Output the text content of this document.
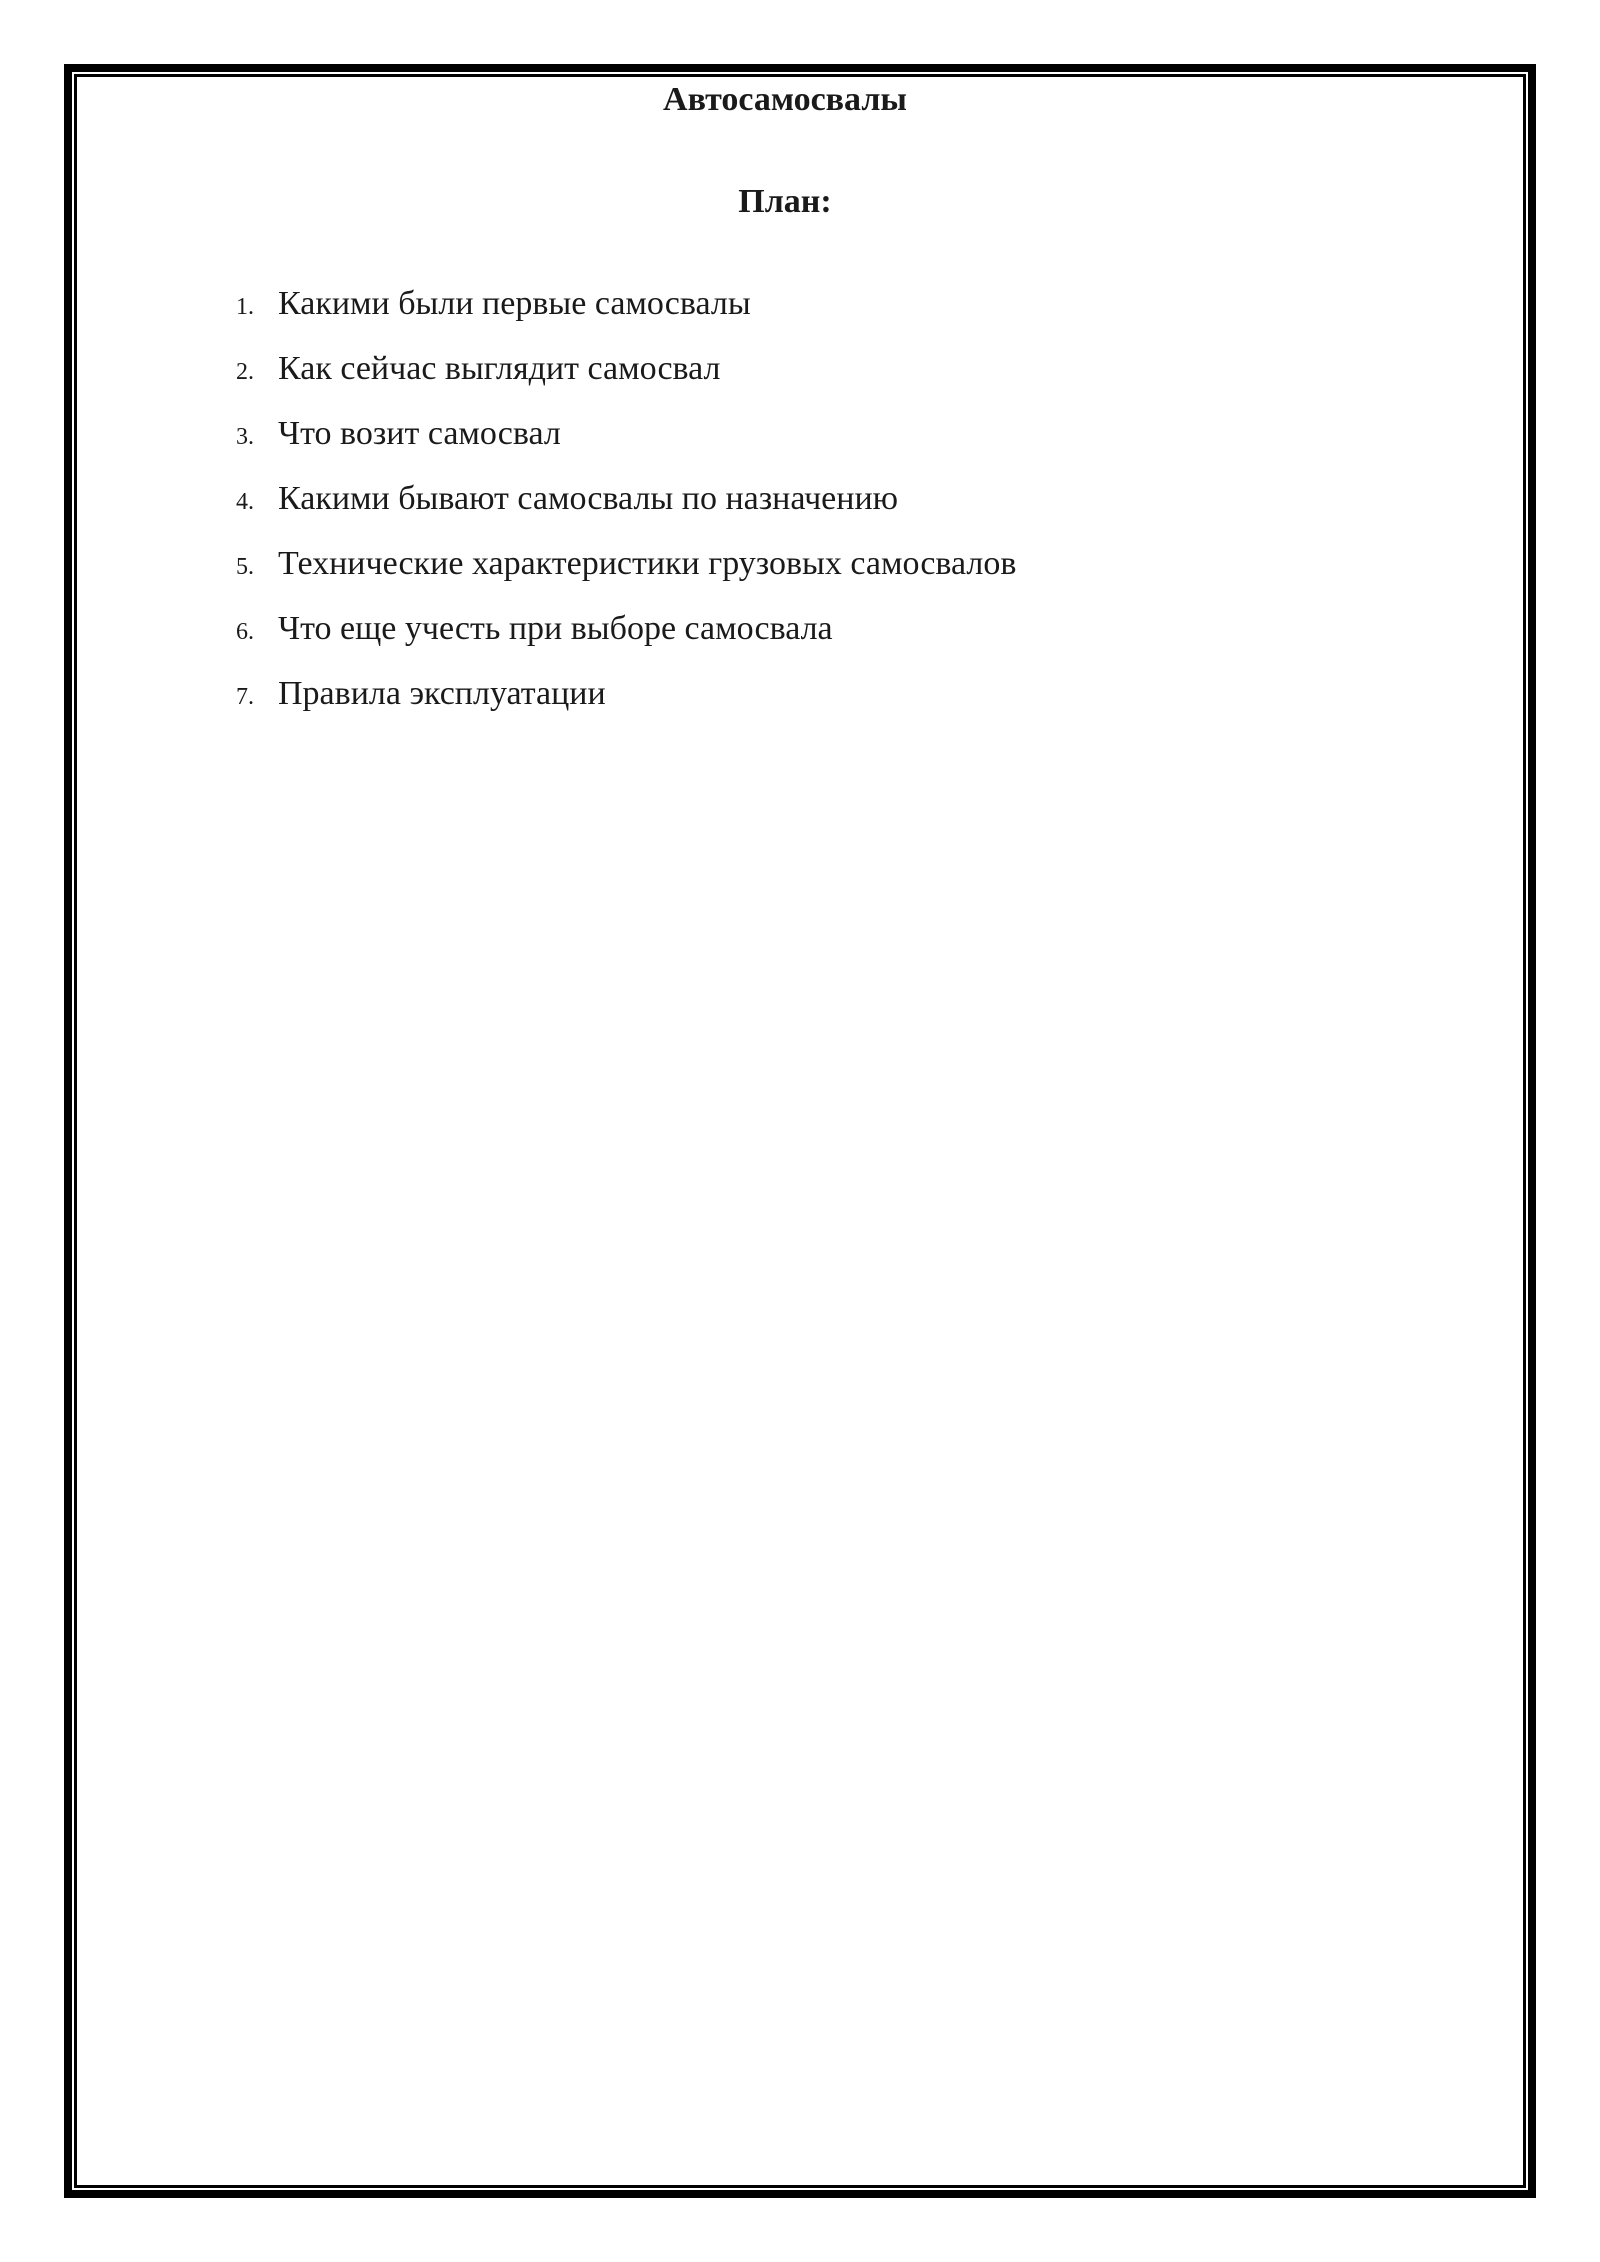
Автосамосвалы
План:
1. Какими были первые самосвалы
2. Как сейчас выглядит самосвал
3. Что возит самосвал
4. Какими бывают самосвалы по назначению
5. Технические характеристики грузовых самосвалов
6. Что еще учесть при выборе самосвала
7. Правила эксплуатации
